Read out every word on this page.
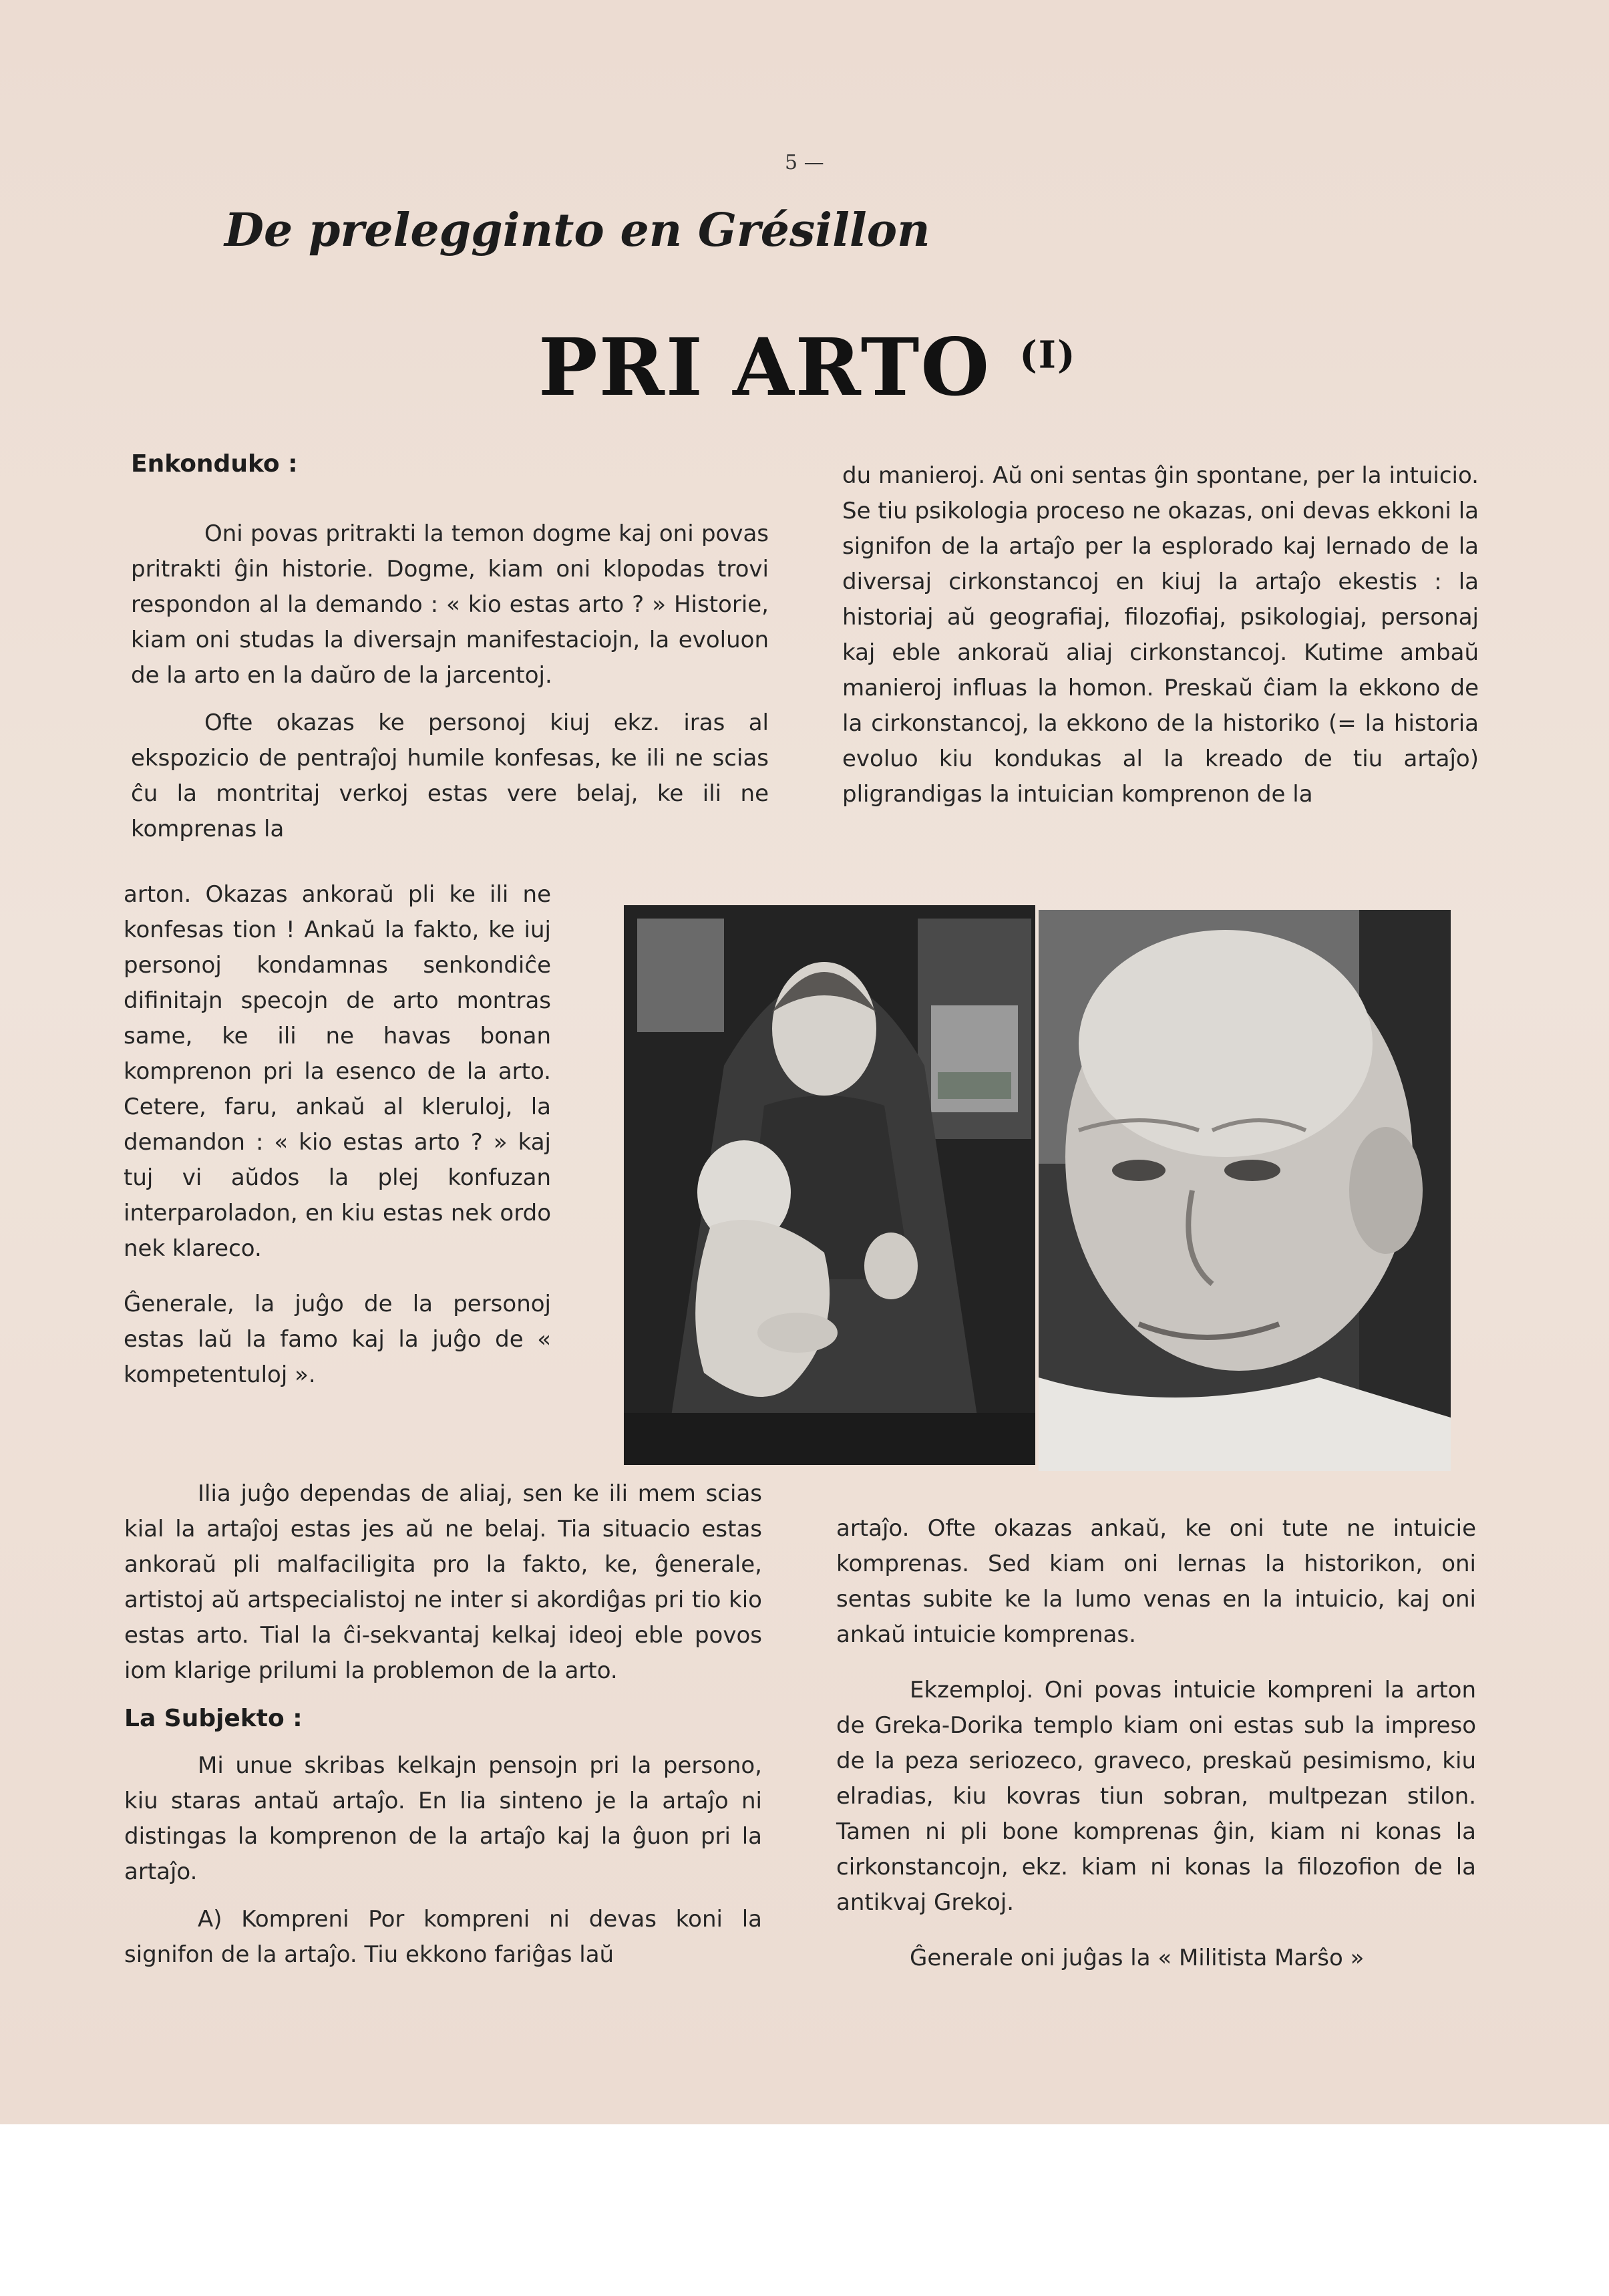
5 —
De prelegginto en Grésillon
PRI ARTO $^{(I)}$
Enkonduko :

Oni povas pritrakti la temon dogme kaj oni povas pritrakti ĝin historie. Dogme, kiam oni klopodas trovi respondon al la demando : « kio estas arto ? » Historie, kiam oni studas la diversajn manifestaciojn, la evoluon de la arto en la daŭro de la jarcentoj.

Ofte okazas ke personoj kiuj ekz. iras al ekspozicio de pentraĵoj humile konfesas, ke ili ne scias ĉu la montritaj verkoj estas vere belaj, ke ili ne komprenas la

arton. Okazas ankoraŭ pli ke ili ne konfesas tion ! Ankaŭ la fakto, ke iuj personoj kondamnas senkondiĉe difinitajn specojn de arto montras same, ke ili ne havas bonan komprenon pri la esenco de la arto. Cetere, faru, ankaŭ al kleruloj, la demandon : « kio estas arto ? » kaj tuj vi aŭdos la plej konfuzan interparoladon, en kiu estas nek ordo nek klareco.

Ĝenerale, la juĝo de la personoj estas laŭ la famo kaj la juĝo de « kompetentuloj ».

Ilia juĝo dependas de aliaj, sen ke ili mem scias kial la artaĵoj estas jes aŭ ne belaj. Tia situacio estas ankoraŭ pli malfaciligita pro la fakto, ke, ĝenerale, artistoj aŭ artspecialistoj ne inter si akordiĝas pri tio kio estas arto. Tial la ĉi-sekvantaj kelkaj ideoj eble povos iom klarige prilumi la problemon de la arto.

La Subjekto :

Mi unue skribas kelkajn pensojn pri la persono, kiu staras antaŭ artaĵo. En lia sinteno je la artaĵo ni distingas la komprenon de la artaĵo kaj la ĝuon pri la artaĵo.

A) Kompreni Por kompreni ni devas koni la signifon de la artaĵo. Tiu ekkono fariĝas laŭ

du manieroj. Aŭ oni sentas ĝin spontane, per la intuicio. Se tiu psikologia proceso ne okazas, oni devas ekkoni la signifon de la artaĵo per la esplorado kaj lernado de la diversaj cirkonstancoj en kiuj la artaĵo ekestis : la historiaj aŭ geografiaj, filozofiaj, psikologiaj, personaj kaj eble ankoraŭ aliaj cirkonstancoj. Kutime ambaŭ manieroj influas la homon. Preskaŭ ĉiam la ekkono de la cirkonstancoj, la ekkono de la historiko (= la historia evoluo kiu kondukas al la kreado de tiu artaĵo) pligrandigas la intuician komprenon de la

artaĵo. Ofte okazas ankaŭ, ke oni tute ne intuicie komprenas. Sed kiam oni lernas la historikon, oni sentas subite ke la lumo venas en la intuicio, kaj oni ankaŭ intuicie komprenas.

Ekzemploj. Oni povas intuicie kompreni la arton de Greka-Dorika templo kiam oni estas sub la impreso de la peza seriozeco, graveco, preskaŭ pesimismo, kiu elradias, kiu kovras tiun sobran, multpezan stilon. Tamen ni pli bone komprenas ĝin, kiam ni konas la cirkonstancojn, ekz. kiam ni konas la filozofion de la antikvaj Grekoj.

Ĝenerale oni juĝas la « Militista Marŝo »
